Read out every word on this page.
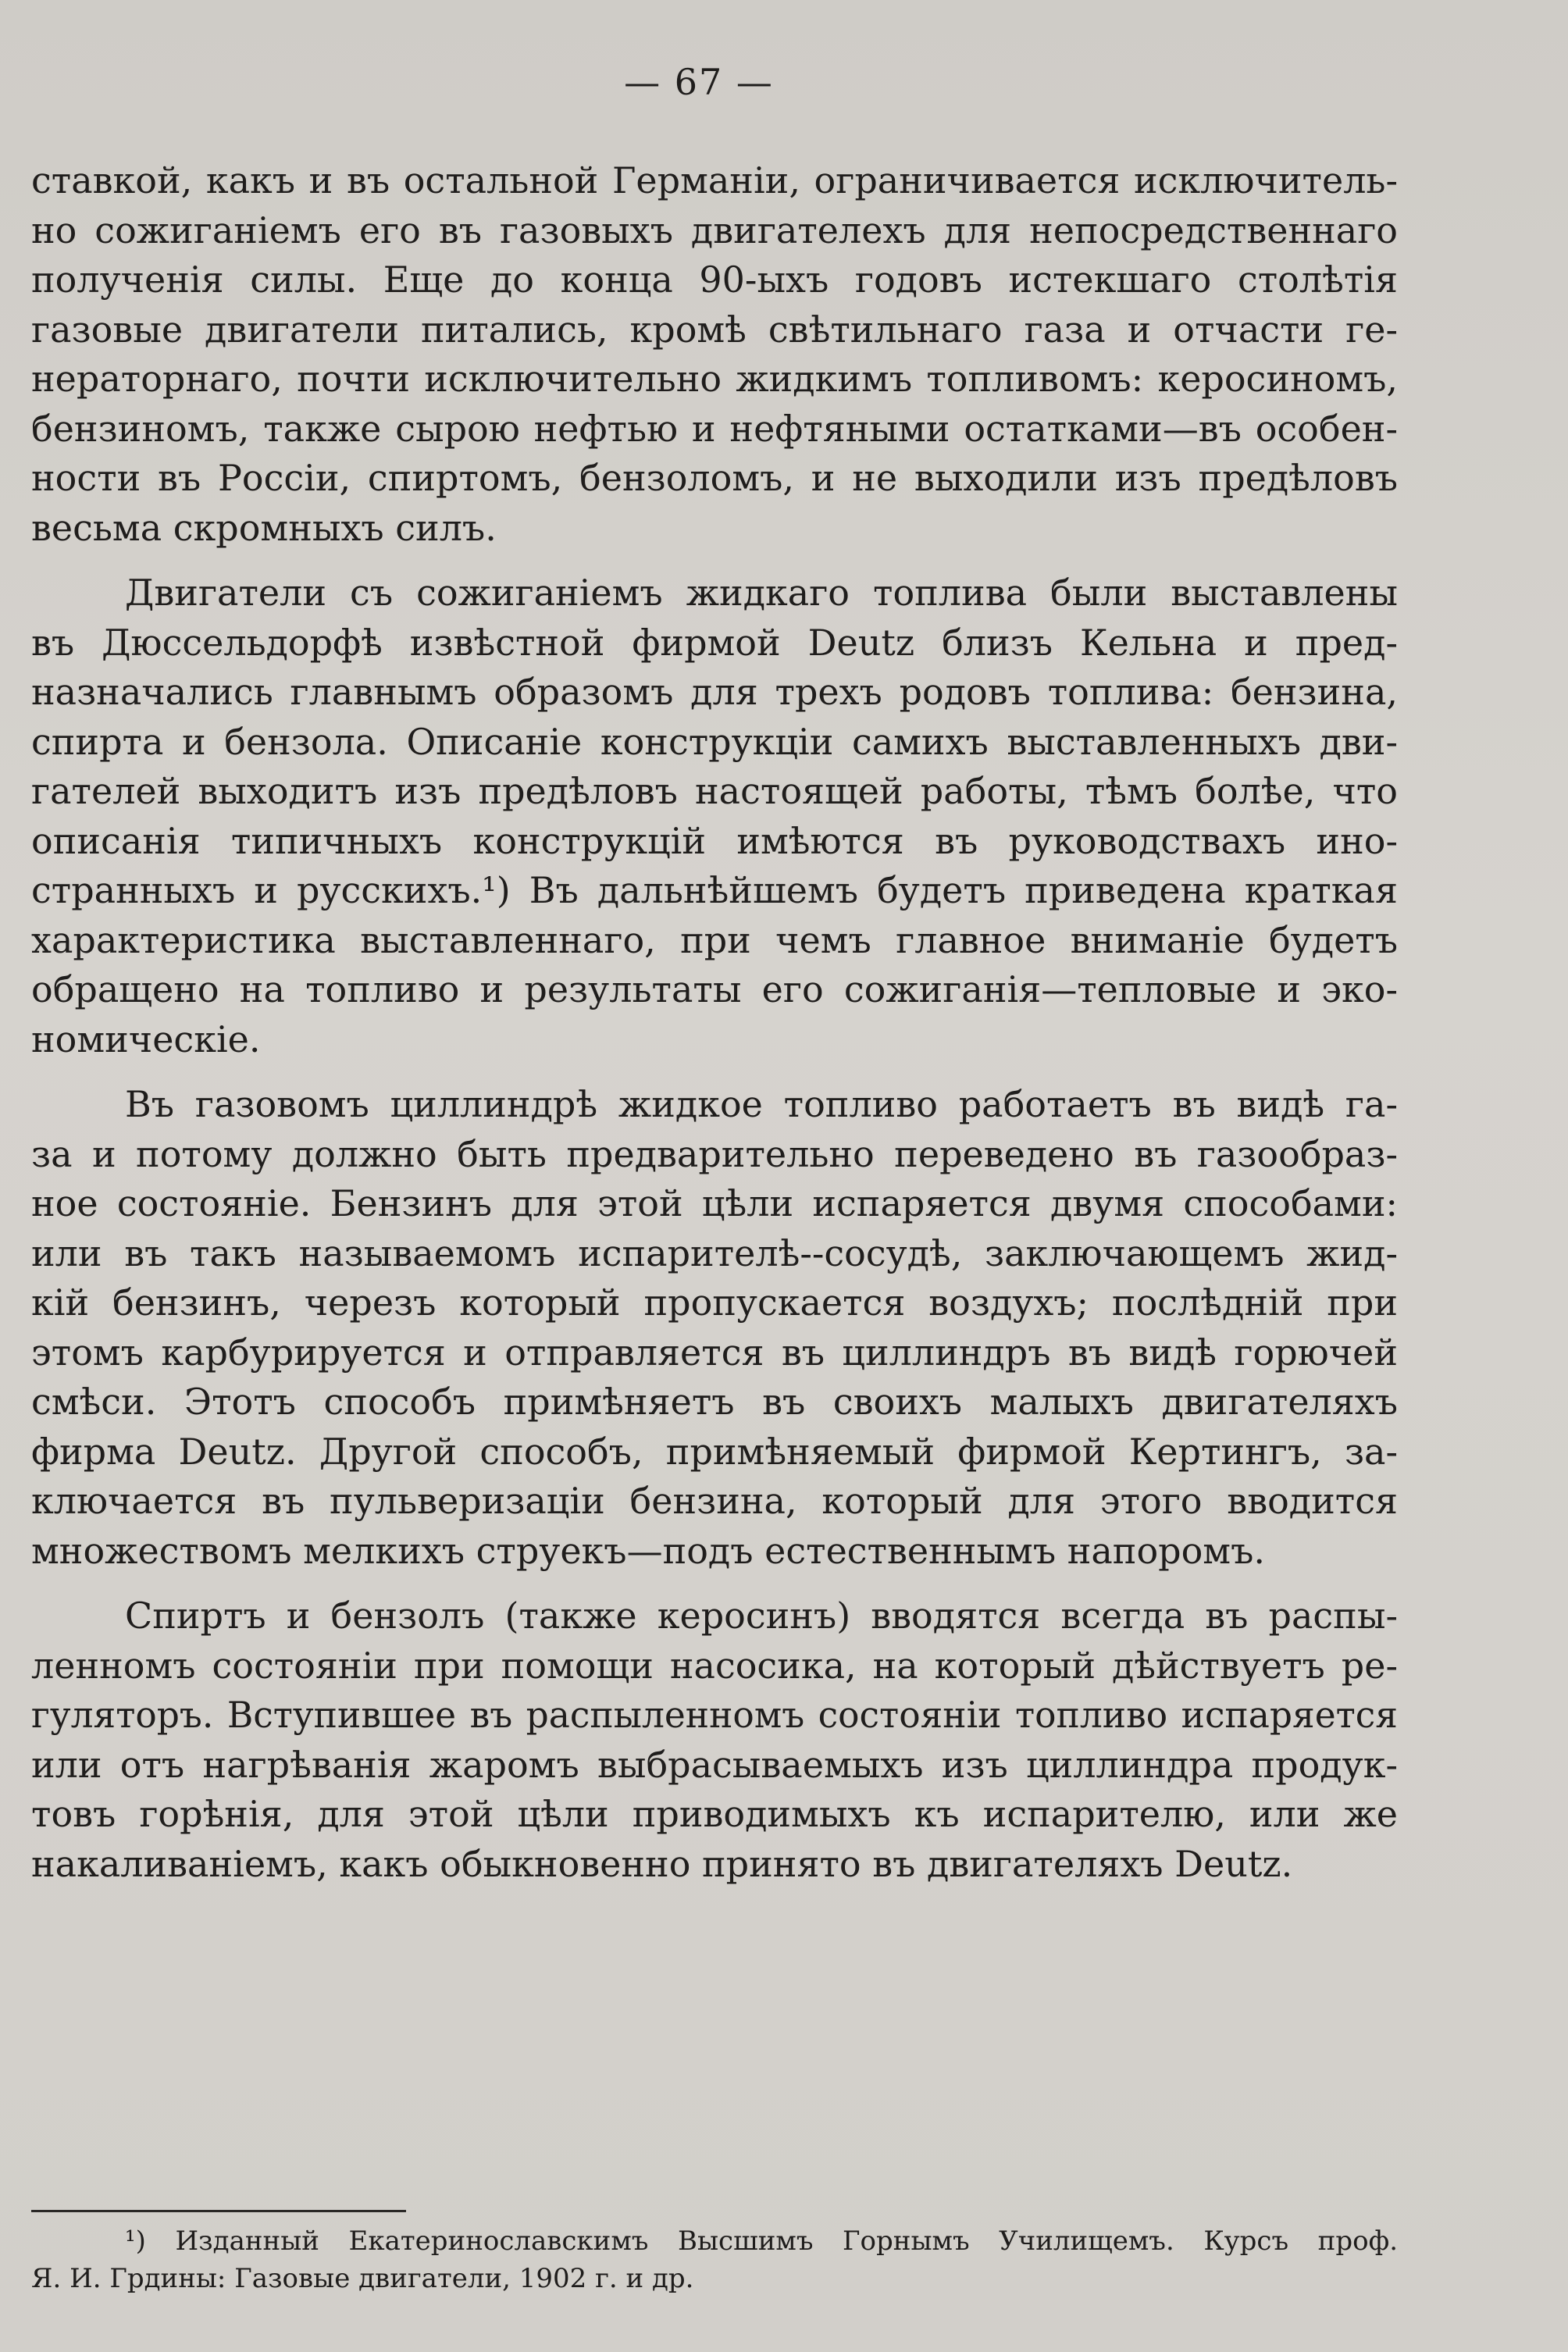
— 67 —
ставкой, какъ и въ остальной Германіи, ограничивается исключитель-
но сожиганіемъ его въ газовыхъ двигателехъ для непосредственнаго
полученія силы. Еще до конца 90-ыхъ годовъ истекшаго столѣтія
газовые двигатели питались, кромѣ свѣтильнаго газа и отчасти ге-
нераторнаго, почти исключительно жидкимъ топливомъ: керосиномъ,
бензиномъ, также сырою нефтью и нефтяными остатками—въ особен-
ности въ Россіи, спиртомъ, бензоломъ, и не выходили изъ предѣловъ
весьма скромныхъ силъ.
Двигатели съ сожиганіемъ жидкаго топлива были выставлены
въ Дюссельдорфѣ извѣстной фирмой Deutz близъ Кельна и пред-
назначались главнымъ образомъ для трехъ родовъ топлива: бензина,
спирта и бензола. Описаніе конструкціи самихъ выставленныхъ дви-
гателей выходитъ изъ предѣловъ настоящей работы, тѣмъ болѣе, что
описанія типичныхъ конструкцій имѣются въ руководствахъ ино-
странныхъ и русскихъ.¹) Въ дальнѣйшемъ будетъ приведена краткая
характеристика выставленнаго, при чемъ главное вниманіе будетъ
обращено на топливо и результаты его сожиганія—тепловые и эко-
номическіе.
Въ газовомъ циллиндрѣ жидкое топливо работаетъ въ видѣ га-
за и потому должно быть предварительно переведено въ газообраз-
ное состояніе. Бензинъ для этой цѣли испаряется двумя способами:
или въ такъ называемомъ испарителѣ--сосудѣ, заключающемъ жид-
кій бензинъ, черезъ который пропускается воздухъ; послѣдній при
этомъ карбурируется и отправляется въ циллиндръ въ видѣ горючей
смѣси. Этотъ способъ примѣняетъ въ своихъ малыхъ двигателяхъ
фирма Deutz. Другой способъ, примѣняемый фирмой Кертингъ, за-
ключается въ пульверизаціи бензина, который для этого вводится
множествомъ мелкихъ струекъ—подъ естественнымъ напоромъ.
Спиртъ и бензолъ (также керосинъ) вводятся всегда въ распы-
ленномъ состояніи при помощи насосика, на который дѣйствуетъ ре-
гуляторъ. Вступившее въ распыленномъ состояніи топливо испаряется
или отъ нагрѣванія жаромъ выбрасываемыхъ изъ циллиндра продук-
товъ горѣнія, для этой цѣли приводимыхъ къ испарителю, или же
накаливаніемъ, какъ обыкновенно принято въ двигателяхъ Deutz.
¹) Изданный Екатеринославскимъ Высшимъ Горнымъ Училищемъ. Курсъ проф.
Я. И. Грдины: Газовые двигатели, 1902 г. и др.
